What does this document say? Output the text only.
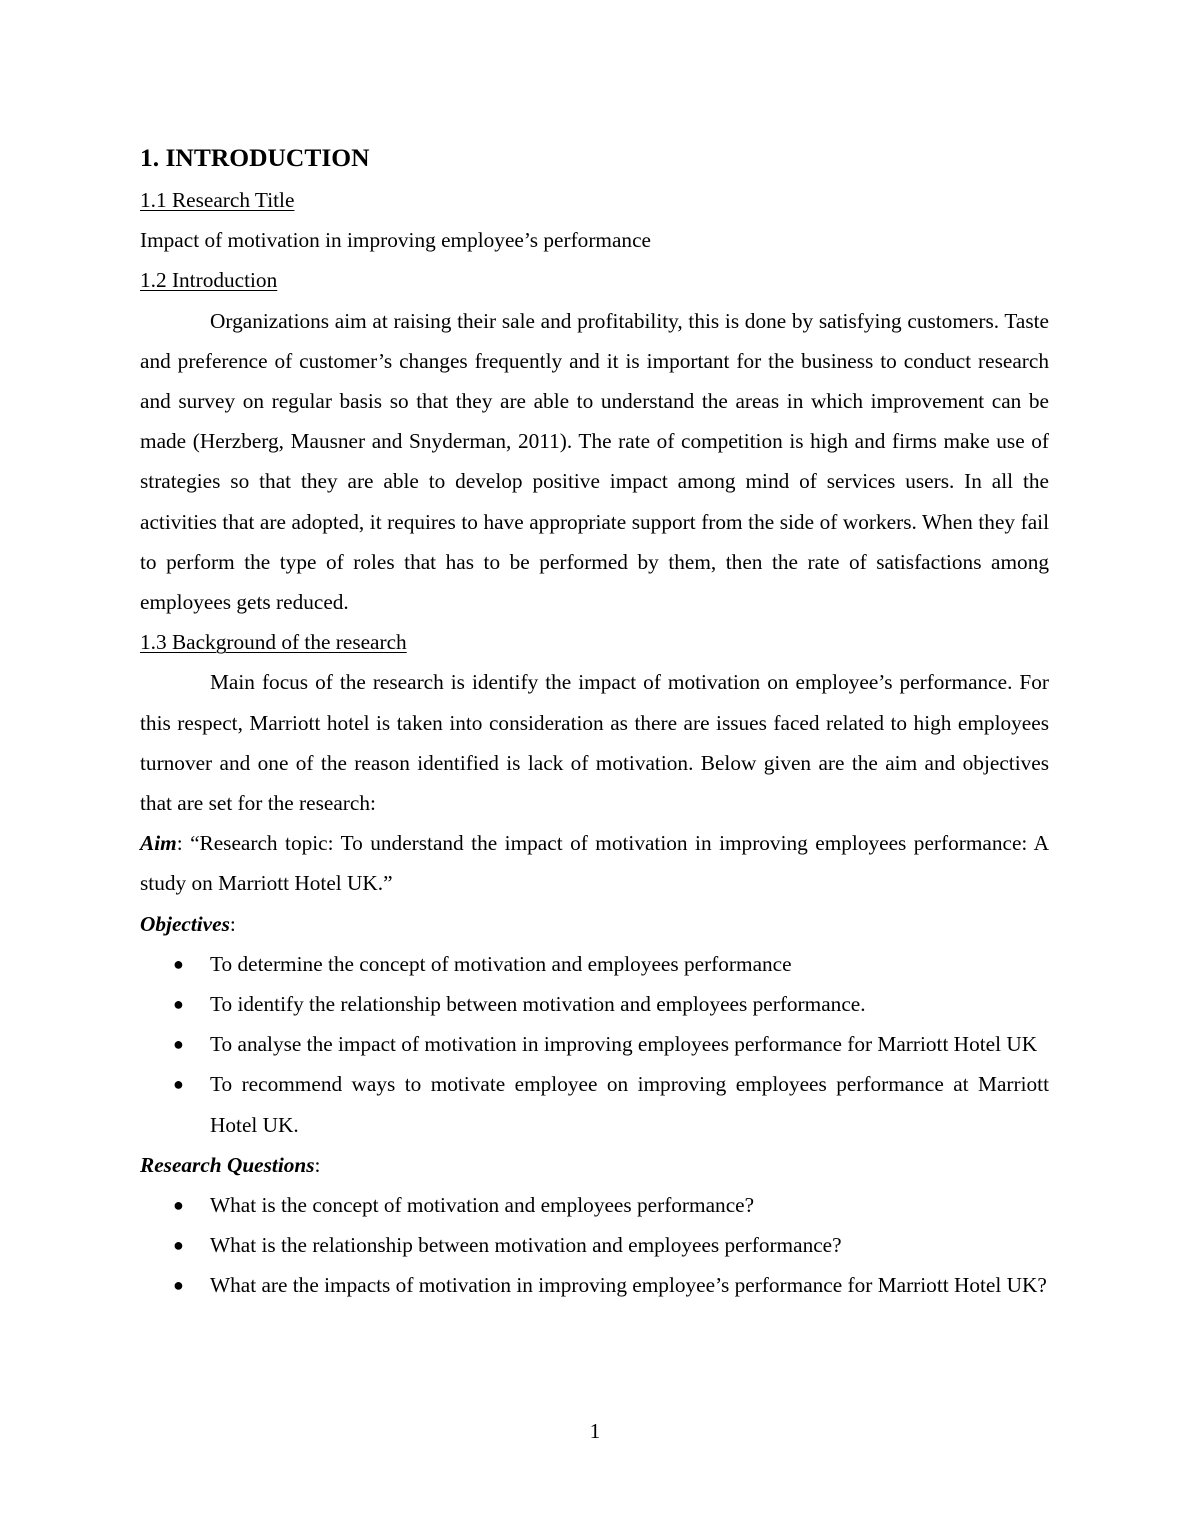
1. INTRODUCTION
1.1 Research Title
Impact of motivation in improving employee’s performance
1.2 Introduction
Organizations aim at raising their sale and profitability, this is done by satisfying customers. Taste and preference of customer’s changes frequently and it is important for the business to conduct research and survey on regular basis so that they are able to understand the areas in which improvement can be made (Herzberg, Mausner and Snyderman, 2011). The rate of competition is high and firms make use of strategies so that they are able to develop positive impact among mind of services users. In all the activities that are adopted, it requires to have appropriate support from the side of workers. When they fail to perform the type of roles that has to be performed by them, then the rate of satisfactions among employees gets reduced.
1.3 Background of the research
Main focus of the research is identify the impact of motivation on employee’s performance. For this respect, Marriott hotel is taken into consideration as there are issues faced related to high employees turnover and one of the reason identified is lack of motivation. Below given are the aim and objectives that are set for the research:
Aim: “Research topic: To understand the impact of motivation in improving employees performance: A study on Marriott Hotel UK.”
Objectives:
● To determine the concept of motivation and employees performance
● To identify the relationship between motivation and employees performance.
● To analyse the impact of motivation in improving employees performance for Marriott Hotel UK
● To recommend ways to motivate employee on improving employees performance at Marriott Hotel UK.
Research Questions:
● What is the concept of motivation and employees performance?
● What is the relationship between motivation and employees performance?
● What are the impacts of motivation in improving employee’s performance for Marriott Hotel UK?
1
